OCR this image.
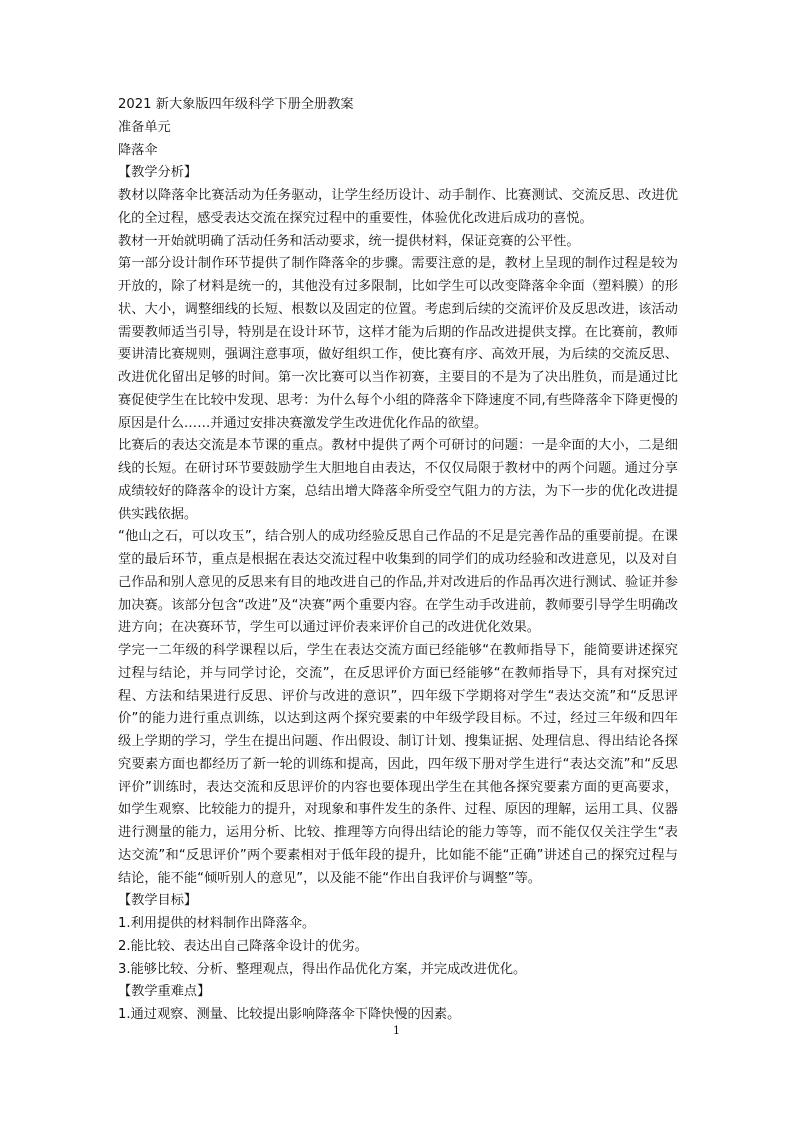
2021 新大象版四年级科学下册全册教案

准备单元

降落伞

【教学分析】

教材以降落伞比赛活动为任务驱动，让学生经历设计、动手制作、比赛测试、交流反思、改进优化的全过程，感受表达交流在探究过程中的重要性，体验优化改进后成功的喜悦。

教材一开始就明确了活动任务和活动要求，统一提供材料，保证竞赛的公平性。

第一部分设计制作环节提供了制作降落伞的步骤。需要注意的是，教材上呈现的制作过程是较为开放的，除了材料是统一的，其他没有过多限制，比如学生可以改变降落伞伞面（塑料膜）的形状、大小，调整细线的长短、根数以及固定的位置。考虑到后续的交流评价及反思改进，该活动需要教师适当引导，特别是在设计环节，这样才能为后期的作品改进提供支撑。在比赛前，教师要讲清比赛规则，强调注意事项，做好组织工作，使比赛有序、高效开展，为后续的交流反思、改进优化留出足够的时间。第一次比赛可以当作初赛，主要目的不是为了决出胜负，而是通过比赛促使学生在比较中发现、思考：为什么每个小组的降落伞下降速度不同,有些降落伞下降更慢的原因是什么……并通过安排决赛激发学生改进优化作品的欲望。

比赛后的表达交流是本节课的重点。教材中提供了两个可研讨的问题：一是伞面的大小，二是细线的长短。在研讨环节要鼓励学生大胆地自由表达，不仅仅局限于教材中的两个问题。通过分享成绩较好的降落伞的设计方案，总结出增大降落伞所受空气阻力的方法，为下一步的优化改进提供实践依据。

“他山之石，可以攻玉”，结合别人的成功经验反思自己作品的不足是完善作品的重要前提。在课堂的最后环节，重点是根据在表达交流过程中收集到的同学们的成功经验和改进意见，以及对自己作品和别人意见的反思来有目的地改进自己的作品,并对改进后的作品再次进行测试、验证并参加决赛。该部分包含“改进”及“决赛”两个重要内容。在学生动手改进前，教师要引导学生明确改进方向；在决赛环节，学生可以通过评价表来评价自己的改进优化效果。

学完一二年级的科学课程以后，学生在表达交流方面已经能够“在教师指导下，能简要讲述探究过程与结论，并与同学讨论，交流”，在反思评价方面已经能够“在教师指导下，具有对探究过程、方法和结果进行反思、评价与改进的意识”，四年级下学期将对学生“表达交流”和“反思评价”的能力进行重点训练，以达到这两个探究要素的中年级学段目标。不过，经过三年级和四年级上学期的学习，学生在提出问题、作出假设、制订计划、搜集证据、处理信息、得出结论各探究要素方面也都经历了新一轮的训练和提高，因此，四年级下册对学生进行“表达交流”和“反思评价”训练时，表达交流和反思评价的内容也要体现出学生在其他各探究要素方面的更高要求，如学生观察、比较能力的提升，对现象和事件发生的条件、过程、原因的理解，运用工具、仪器进行测量的能力，运用分析、比较、推理等方向得出结论的能力等等，而不能仅仅关注学生“表达交流”和“反思评价”两个要素相对于低年段的提升，比如能不能“正确”讲述自己的探究过程与结论，能不能“倾听别人的意见”，以及能不能“作出自我评价与调整”等。

【教学目标】

1.利用提供的材料制作出降落伞。

2.能比较、表达出自己降落伞设计的优劣。

3.能够比较、分析、整理观点，得出作品优化方案，并完成改进优化。

【教学重难点】

1.通过观察、测量、比较提出影响降落伞下降快慢的因素。

1
